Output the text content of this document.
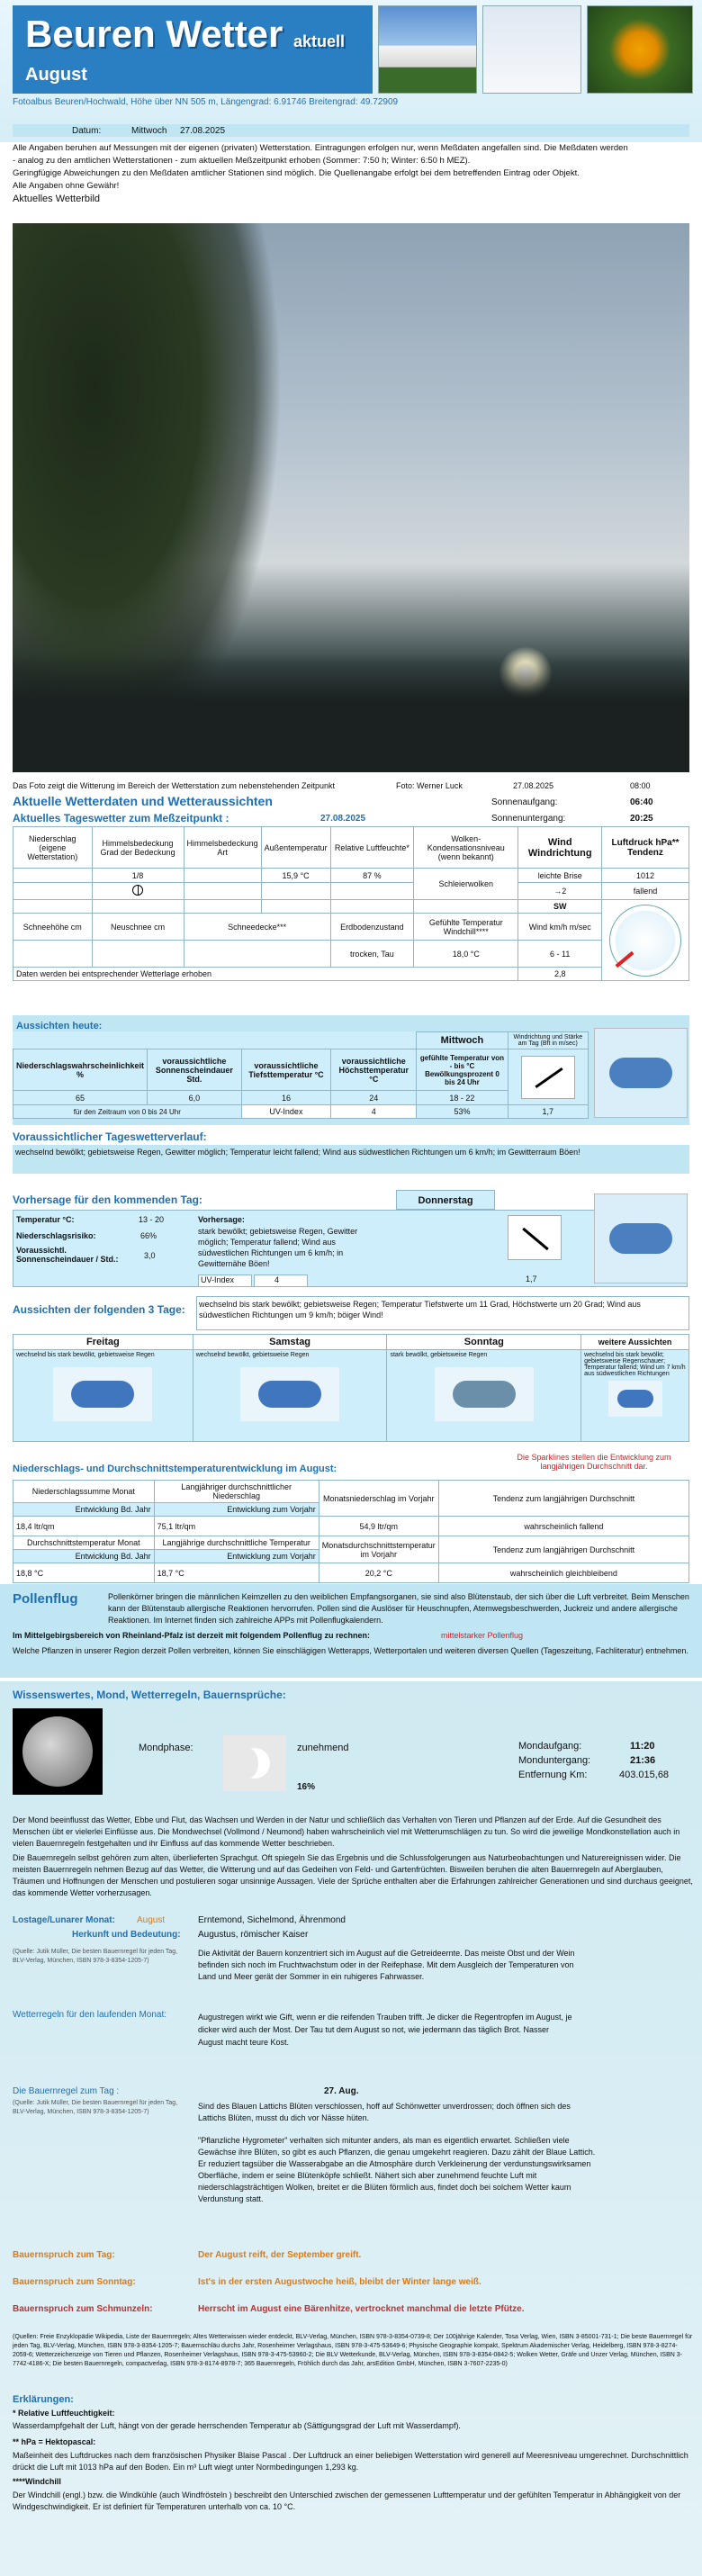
Beuren Wetter aktuell
August
Fotoalbus Beuren/Hochwald, Höhe über NN 505 m, Längengrad: 6.91746 Breitengrad: 49.72909
Datum:	Mittwoch 27.08.2025
Alle Angaben beruhen auf Messungen mit der eigenen (privaten) Wetterstation. Eintragungen erfolgen nur, wenn Meßdaten angefallen sind. Die Meßdaten werden
- analog zu den amtlichen Wetterstationen - zum aktuellen Meßzeitpunkt erhoben (Sommer: 7:50 h; Winter: 6:50 h MEZ).
Geringfügige Abweichungen zu den Meßdaten amtlicher Stationen sind möglich. Die Quellenangabe erfolgt bei dem betreffenden Eintrag oder Objekt.
Alle Angaben ohne Gewähr!
Aktuelles Wetterbild
Das Foto zeigt die Witterung im Bereich der Wetterstation zum nebenstehenden Zeitpunkt	Foto: Werner Luck	27.08.2025	08:00
Aktuelle Wetterdaten und Wetteraussichten	Sonnenaufgang:	06:40
Aktuelles Tageswetter zum Meßzeitpunkt :	27.08.2025	Sonnenuntergang:	20:25
Niederschlag (eigene Wetterstation)	Himmelsbedeckung Grad der Bedeckung	Himmelsbedeckung Art	Außentemperatur	Relative Luftfeuchte*	Wolken-Kondensationsniveau (wenn bekannt)	Wind Windrichtung	Luftdruck hPa** Tendenz
	1/8		15,9 °C	87 %	Schleierwolken	leichte Brise	1012

					→2	fallend
						SW	

Schneehöhe cm	Neuschnee cm	Schneedecke***		Erdbodenzustand	Gefühlte Temperatur Windchill****	Wind km/h m/sec	
				trocken, Tau	18,0 °C	6 - 11	
Daten werden bei entsprechender Wetterlage erhoben						2,8	
Aussichten heute:
				Mittwoch	Windrichtung und Stärke am Tag (Bft in m/sec)
Niederschlagswahrscheinlichkeit %	voraussichtliche Sonnenscheindauer Std.	voraussichtliche Tiefsttemperatur °C	voraussichtliche Höchsttemperatur °C	gefühlte Temperatur von - bis °C Bewölkungsprozent 0 bis 24 Uhr	

65	6,0	16	24	18 - 22	
für den Zeitraum von 0 bis 24 Uhr		UV-Index	4	53%	1,7
Voraussichtlicher Tageswetterverlauf:
wechselnd bewölkt; gebietsweise Regen, Gewitter möglich; Temperatur leicht fallend; Wind aus südwestlichen Richtungen um 6 km/h; im Gewitterraum Böen!
Vorhersage für den kommenden Tag:
Temperatur °C:	13 - 20
Niederschlagsrisiko:	66%
Voraussichtl. Sonnenscheindauer / Std.:	3,0
Vorhersage:
stark bewölkt; gebietsweise Regen, Gewitter möglich; Temperatur fallend; Wind aus südwestlichen Richtungen um 6 km/h; in Gewitternähe Böen!
UV-Index	4
Donnerstag
1,7
Aussichten der folgenden 3 Tage:	wechselnd bis stark bewölkt; gebietsweise Regen; Temperatur Tiefstwerte um 11 Grad, Höchstwerte um 20 Grad; Wind aus südwestlichen Richtungen um 9 km/h; böiger Wind!
Freitag	Samstag	Sonntag	weitere Aussichten
wechselnd bis stark bewölkt, gebietsweise Regen	wechselnd bewölkt, gebietsweise Regen	stark bewölkt, gebietsweise Regen	wechselnd bis stark bewölkt; gebietsweise Regenschauer; Temperatur fallend; Wind um 7 km/h aus südwestlichen Richtungen
Niederschlags- und Durchschnittstemperaturentwicklung im August:
Die Sparklines stellen die Entwicklung zum langjährigen Durchschnitt dar.
Niederschlagssumme Monat	Langjähriger durchschnittlicher Niederschlag	Monatsniederschlag im Vorjahr	Tendenz zum langjährigen Durchschnitt
Entwicklung Bd. Jahr	Entwicklung zum Vorjahr		
18,4 ltr/qm	75,1 ltr/qm	54,9 ltr/qm	wahrscheinlich fallend
Durchschnittstemperatur Monat	Langjährige durchschnittliche Temperatur	Monatsdurchschnittstemperatur im Vorjahr	Tendenz zum langjährigen Durchschnitt
Entwicklung Bd. Jahr	Entwicklung zum Vorjahr		
18,8 °C	18,7 °C	20,2 °C	wahrscheinlich gleichbleibend
Pollenflug	Pollenkörner bringen die männlichen Keimzellen zu den weiblichen Empfangsorganen, sie sind also Blütenstaub, der sich über die Luft verbreitet. Beim Menschen kann der Blütenstaub allergische Reaktionen hervorrufen. Pollen sind die Auslöser für Heuschnupfen, Atemwegsbeschwerden, Juckreiz und andere allergische Reaktionen. Im Internet finden sich zahlreiche APPs mit Pollenflugkalendern.
Im Mittelgebirgsbereich von Rheinland-Pfalz ist derzeit mit folgendem Pollenflug zu rechnen:	mittelstarker Pollenflug
Welche Pflanzen in unserer Region derzeit Pollen verbreiten, können Sie einschlägigen Wetterapps, Wetterportalen und weiteren diversen Quellen (Tageszeitung, Fachliteratur) entnehmen.
Wissenswertes, Mond, Wetterregeln, Bauernsprüche:
Mondphase:	zunehmend
16%
Mondaufgang:	11:20
Monduntergang:	21:36
Entfernung Km:	403.015,68
Der Mond beeinflusst das Wetter, Ebbe und Flut, das Wachsen und Werden in der Natur und schließlich das Verhalten von Tieren und Pflanzen auf der Erde. Auf die Gesundheit des Menschen übt er vielerlei Einflüsse aus. Die Mondwechsel (Vollmond / Neumond) haben wahrscheinlich viel mit Wetterumschlägen zu tun. So wird die jeweilige Mondkonstellation auch in vielen Bauernregeln festgehalten und ihr Einfluss auf das kommende Wetter beschrieben.
Die Bauernregeln selbst gehören zum alten, überlieferten Sprachgut. Oft spiegeln Sie das Ergebnis und die Schlussfolgerungen aus Naturbeobachtungen und Naturereignissen wider. Die meisten Bauernregeln nehmen Bezug auf das Wetter, die Witterung und auf das Gedeihen von Feld- und Gartenfrüchten. Bisweilen beruhen die alten Bauernregeln auf Aberglauben, Träumen und Hoffnungen der Menschen und postulieren sogar unsinnige Aussagen. Viele der Sprüche enthalten aber die Erfahrungen zahlreicher Generationen und sind durchaus geeignet, das kommende Wetter vorherzusagen.
Lostage/Lunarer Monat: August	Erntemond, Sichelmond, Ährenmond
Herkunft und Bedeutung: Augustus, römischer Kaiser
(Quelle: Jutik Müller, Die besten Bauernregel für jeden Tag, BLV-Verlag, München, ISBN 978-3-8354-1205-7)
Die Aktivität der Bauern konzentriert sich im August auf die Getreideernte. Das meiste Obst und der Wein befinden sich noch im Fruchtwachstum oder in der Reifephase. Mit dem Ausgleich der Temperaturen von Land und Meer gerät der Sommer in ein ruhigeres Fahrwasser.
Wetterregeln für den laufenden Monat:	Augustregen wirkt wie Gift, wenn er die reifenden Trauben trifft. Je dicker die Regentropfen im August, je dicker wird auch der Most. Der Tau tut dem August so not, wie jedermann das täglich Brot. Nasser August macht teure Kost.
Die Bauernregel zum Tag :	27. Aug.
(Quelle: Jutik Müller, Die besten Bauernregel für jeden Tag, BLV-Verlag, München, ISBN 978-3-8354-1205-7)
Sind des Blauen Lattichs Blüten verschlossen, hoff auf Schönwetter unverdrossen; doch öffnen sich des Lattichs Blüten, musst du dich vor Nässe hüten.
"Pflanzliche Hygrometer" verhalten sich mitunter anders, als man es eigentlich erwartet. Schließen viele Gewächse ihre Blüten, so gibt es auch Pflanzen, die genau umgekehrt reagieren. Dazu zählt der Blaue Lattich. Er reduziert tagsüber die Wasserabgabe an die Atmosphäre durch Verkleinerung der verdunstungswirksamen Oberfläche, indem er seine Blütenköpfe schließt. Nähert sich aber zunehmend feuchte Luft mit niederschlagsträchtigen Wolken, breitet er die Blüten förmlich aus, findet doch bei solchem Wetter kaum Verdunstung statt.
Bauernspruch zum Tag:	Der August reift, der September greift.
Bauernspruch zum Sonntag:	Ist's in der ersten Augustwoche heiß, bleibt der Winter lange weiß.
Bauernspruch zum Schmunzeln:	Herrscht im August eine Bärenhitze, vertrocknet manchmal die letzte Pfütze.
(Quellen: Freie Enzyklopädie Wikipedia, Liste der Bauernregeln; Altes Wetterwissen wieder entdeckt, BLV-Verlag, München, ISBN 978-3-8354-0739-8; Der 100jährige Kalender, Tosa Verlag, Wien, ISBN 3-85001-731-1; Die beste Bauernregel für jeden Tag, BLV-Verlag, München, ISBN 978-3-8354-1205-7; Bauernschläu durchs Jahr, Rosenheimer Verlagshaus, ISBN 978-3-475-53649-6; Physische Geographie kompakt, Spektrum Akademischer Verlag, Heidelberg, ISBN 978-3-8274-2059-6; Wetterzeichenzeige von Tieren und Pflanzen, Rosenheimer Verlagshaus, ISBN 978-3-475-53960-2; Die BLV Wetterkunde, BLV-Verlag, München, ISBN 978-3-8354-0842-5; Wolken Wetter, Gräfe und Unzer Verlag, München, ISBN 3-7742-4186-X; Die besten Bauernregeln, compactverlag, ISBN 978-3-8174-8978-7; 365 Bauernregeln, Fröhlich durch das Jahr, arsEdition GmbH, München, ISBN 3-7607-2235-0)
Erklärungen:
* Relative Luftfeuchtigkeit:
Wasserdampfgehalt der Luft, hängt von der gerade herrschenden Temperatur ab (Sättigungsgrad der Luft mit Wasserdampf).
** hPa = Hektopascal:
Maßeinheit des Luftdruckes nach dem französischen Physiker Blaise Pascal . Der Luftdruck an einer beliebigen Wetterstation wird generell auf Meeresniveau umgerechnet. Durchschnittlich drückt die Luft mit 1013 hPa auf den Boden. Ein m³ Luft wiegt unter Normbedingungen 1,293 kg.
****Windchill
Der Windchill (engl.) bzw. die Windkühle (auch Windfrösteln ) beschreibt den Unterschied zwischen der gemessenen Lufttemperatur und der gefühlten Temperatur in Abhängigkeit von der Windgeschwindigkeit. Er ist definiert für Temperaturen unterhalb von ca. 10 °C.
